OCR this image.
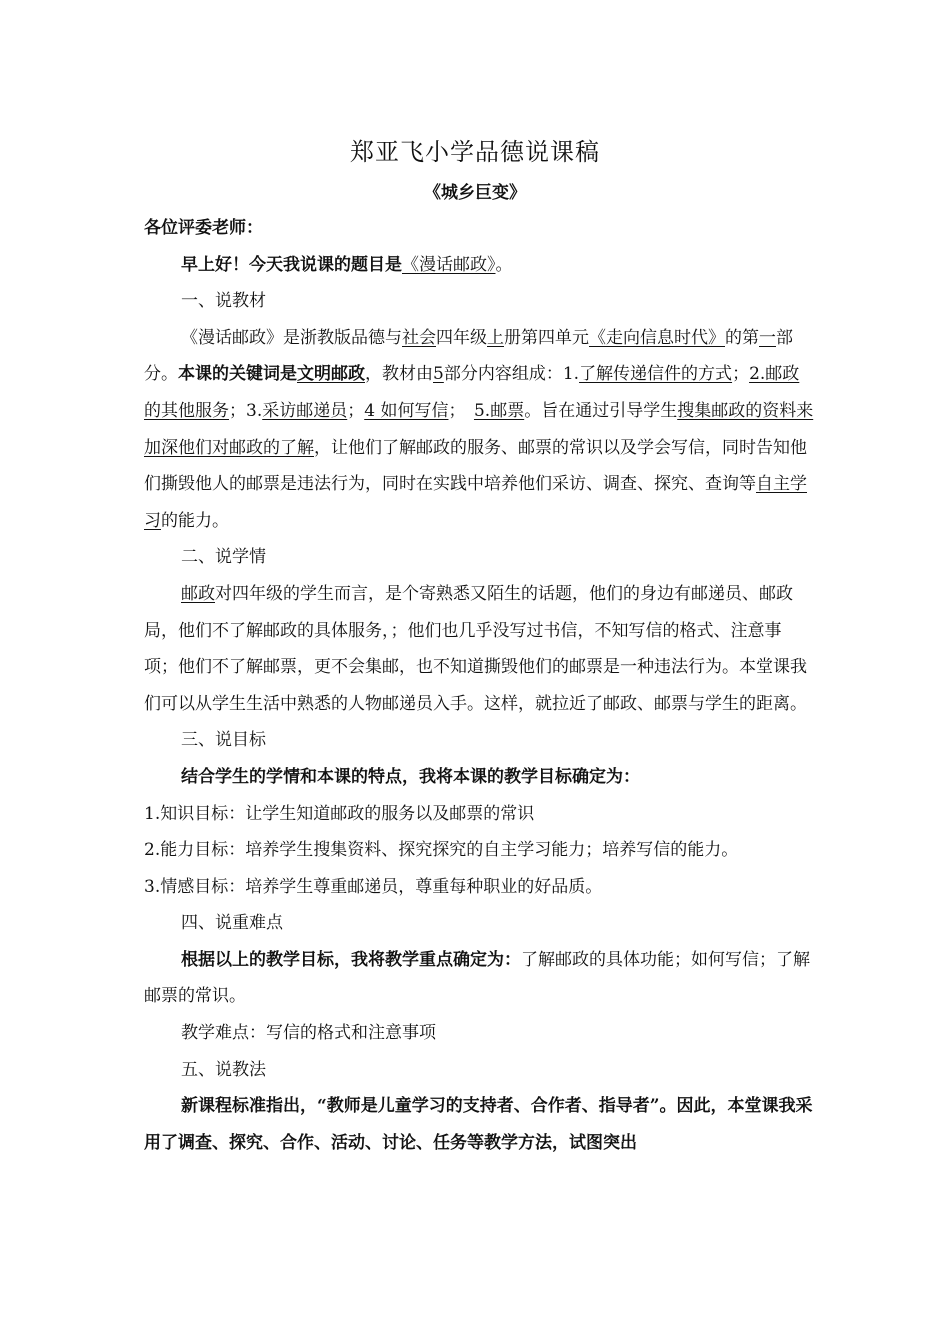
郑亚飞小学品德说课稿
《城乡巨变》

各位评委老师：

早上好！今天我说课的题目是《漫话邮政》。

一、说教材

《漫话邮政》是浙教版品德与社会四年级上册第四单元《走向信息时代》的第一部分。本课的关键词是文明邮政，教材由5部分内容组成：1.了解传递信件的方式；2.邮政的其他服务；3.采访邮递员；4 如何写信；　5.邮票。旨在通过引导学生搜集邮政的资料来加深他们对邮政的了解，让他们了解邮政的服务、邮票的常识以及学会写信，同时告知他们撕毁他人的邮票是违法行为，同时在实践中培养他们采访、调查、探究、查询等自主学习的能力。

二、说学情

邮政对四年级的学生而言，是个寄熟悉又陌生的话题，他们的身边有邮递员、邮政局，他们不了解邮政的具体服务，；他们也几乎没写过书信，不知写信的格式、注意事项；他们不了解邮票，更不会集邮，也不知道撕毁他们的邮票是一种违法行为。本堂课我们可以从学生生活中熟悉的人物邮递员入手。这样，就拉近了邮政、邮票与学生的距离。

三、说目标

结合学生的学情和本课的特点，我将本课的教学目标确定为：

1.知识目标：让学生知道邮政的服务以及邮票的常识

2.能力目标：培养学生搜集资料、探究探究的自主学习能力；培养写信的能力。

3.情感目标：培养学生尊重邮递员，尊重每种职业的好品质。

四、说重难点

根据以上的教学目标，我将教学重点确定为：了解邮政的具体功能；如何写信；了解邮票的常识。

教学难点：写信的格式和注意事项

五、说教法

新课程标准指出，“教师是儿童学习的支持者、合作者、指导者”。因此，本堂课我采用了调查、探究、合作、活动、讨论、任务等教学方法，试图突出
